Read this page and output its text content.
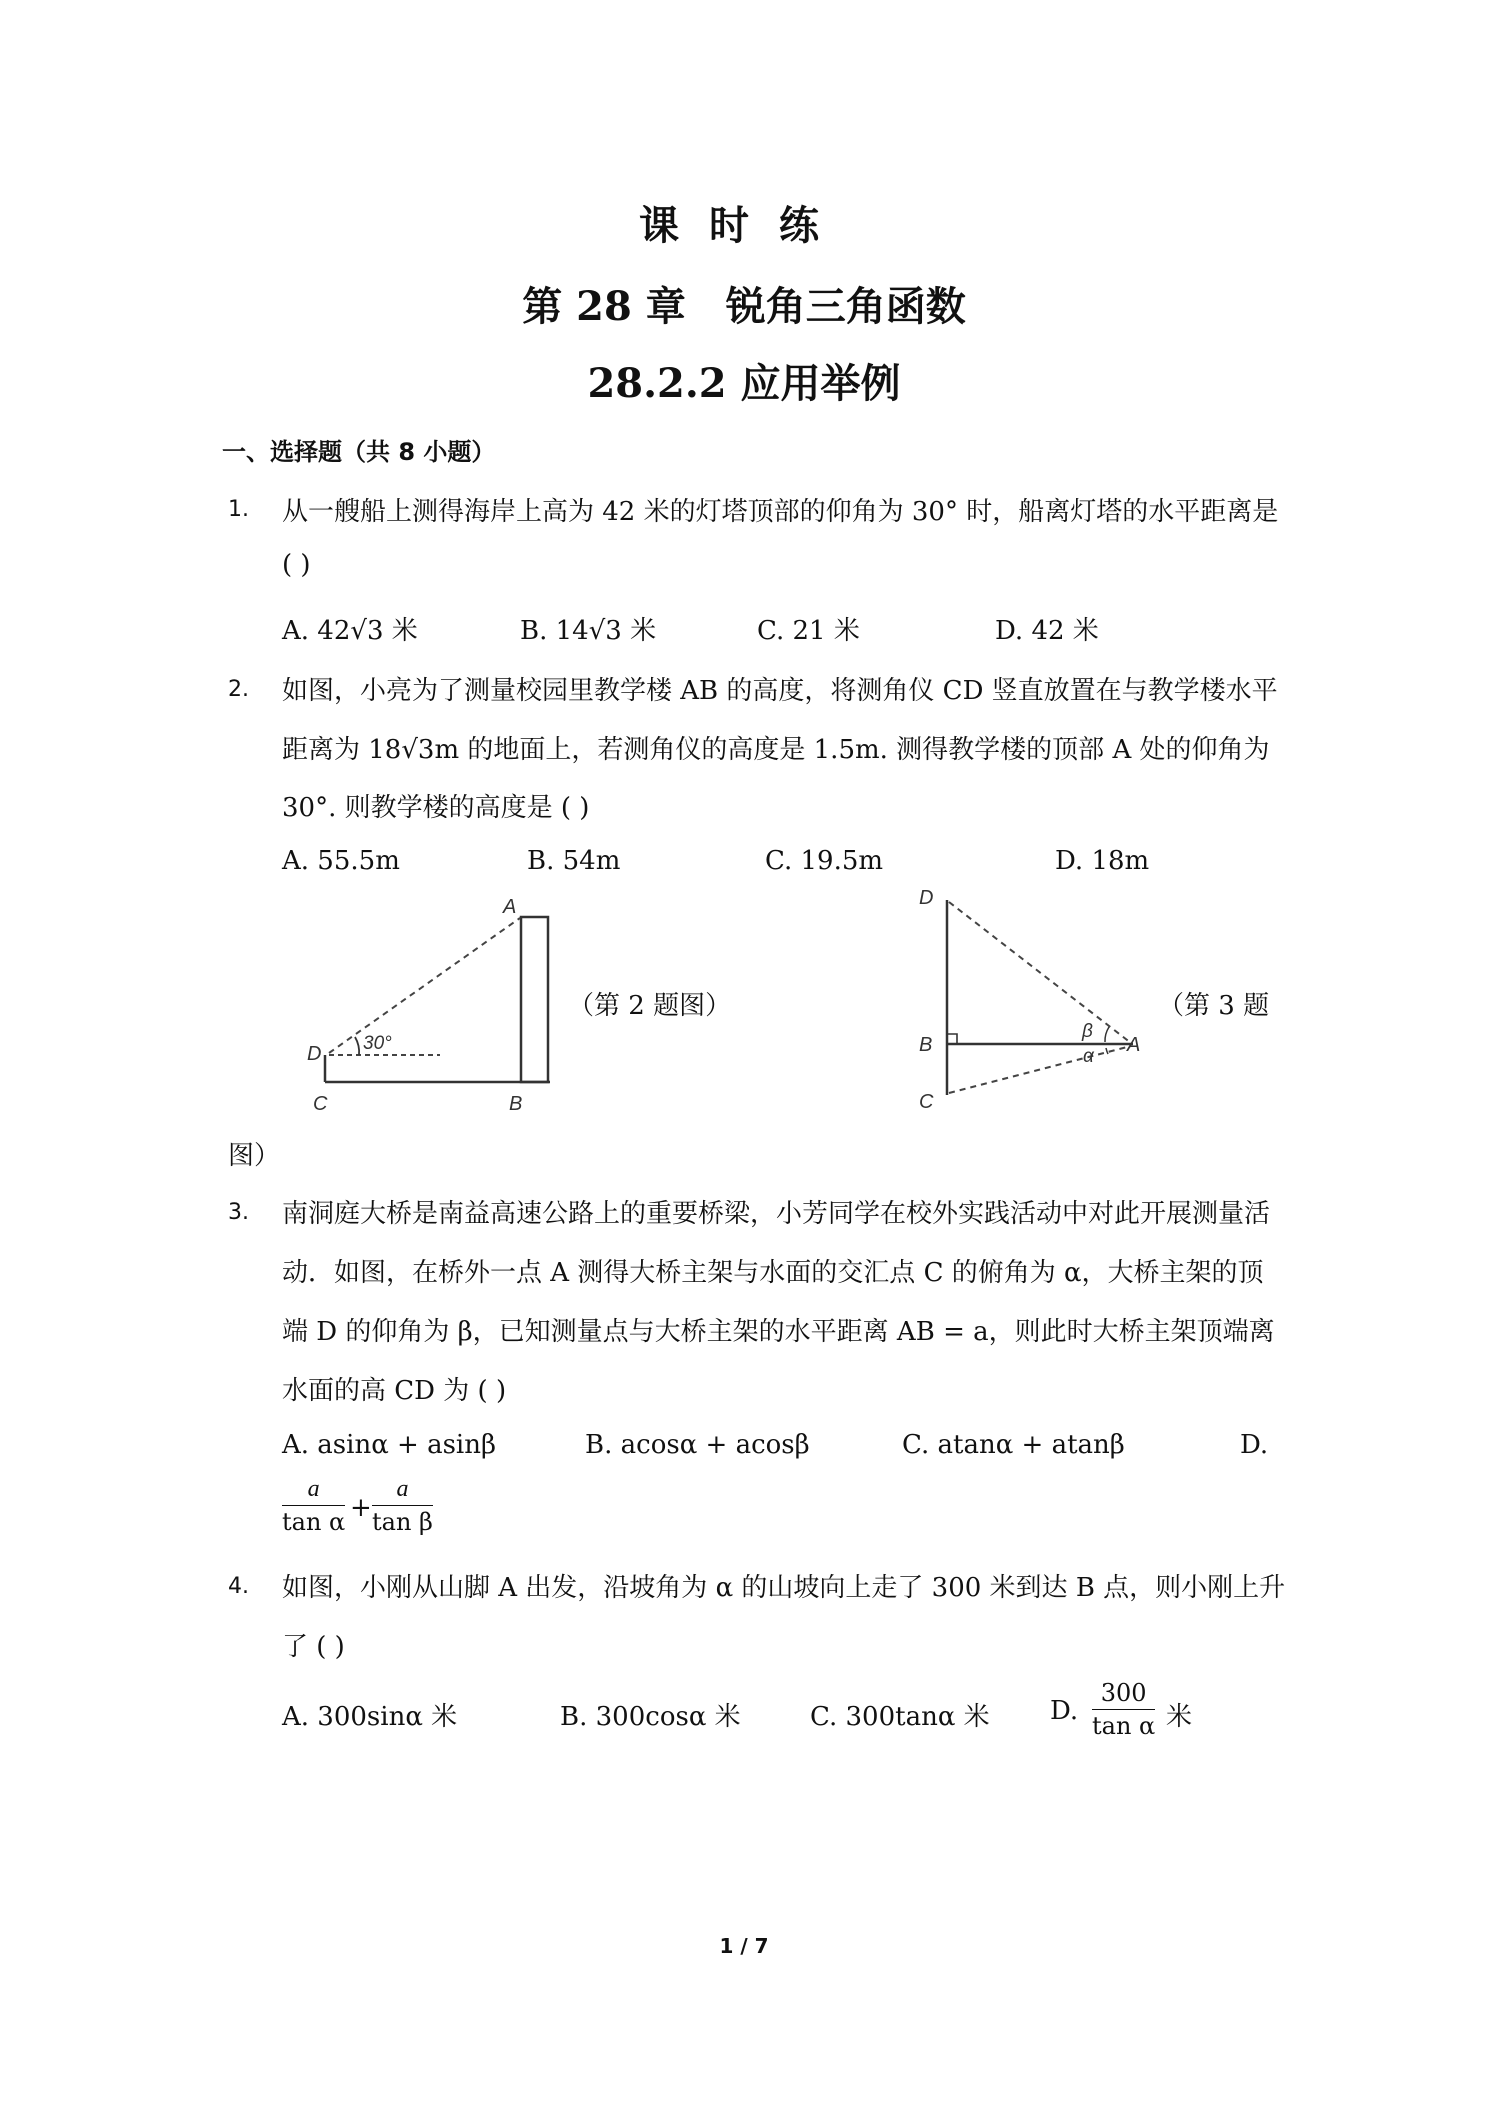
课时练
第 28 章　锐角三角函数
28.2.2 应用举例
一、选择题（共 8 小题）
1. 从一艘船上测得海岸上高为 42 米的灯塔顶部的仰角为 30° 时，船离灯塔的水平距离是
( )
A. 42√3 米	B. 14√3 米	C. 21 米	D. 42 米
2. 如图，小亮为了测量校园里教学楼 AB 的高度，将测角仪 CD 竖直放置在与教学楼水平
距离为 18√3m 的地面上，若测角仪的高度是 1.5m. 测得教学楼的顶部 A 处的仰角为
30°. 则教学楼的高度是 ( )
A. 55.5m	B. 54m	C. 19.5m	D. 18m
30°
A
D
C	B
（第 2 题图）
β
α
D
B
C
A
（第 3 题
图）
3. 南洞庭大桥是南益高速公路上的重要桥梁，小芳同学在校外实践活动中对此开展测量活
动．如图，在桥外一点 A 测得大桥主架与水面的交汇点 C 的俯角为 α，大桥主架的顶
端 D 的仰角为 β，已知测量点与大桥主架的水平距离 AB = a，则此时大桥主架顶端离
水面的高 CD 为 ( )
A. asinα + asinβ	B. acosα + acosβ	C. atanα + atanβ	D.
$\frac{a}{\text{tan α}} + \frac{a}{\text{tan β}}$
4. 如图，小刚从山脚 A 出发，沿坡角为 α 的山坡向上走了 300 米到达 B 点，则小刚上升
了 ( )
A. 300sinα 米	B. 300cosα 米	C. 300tanα 米 D. $\frac{300}{\text{tan α}}$ 米
1 / 7
